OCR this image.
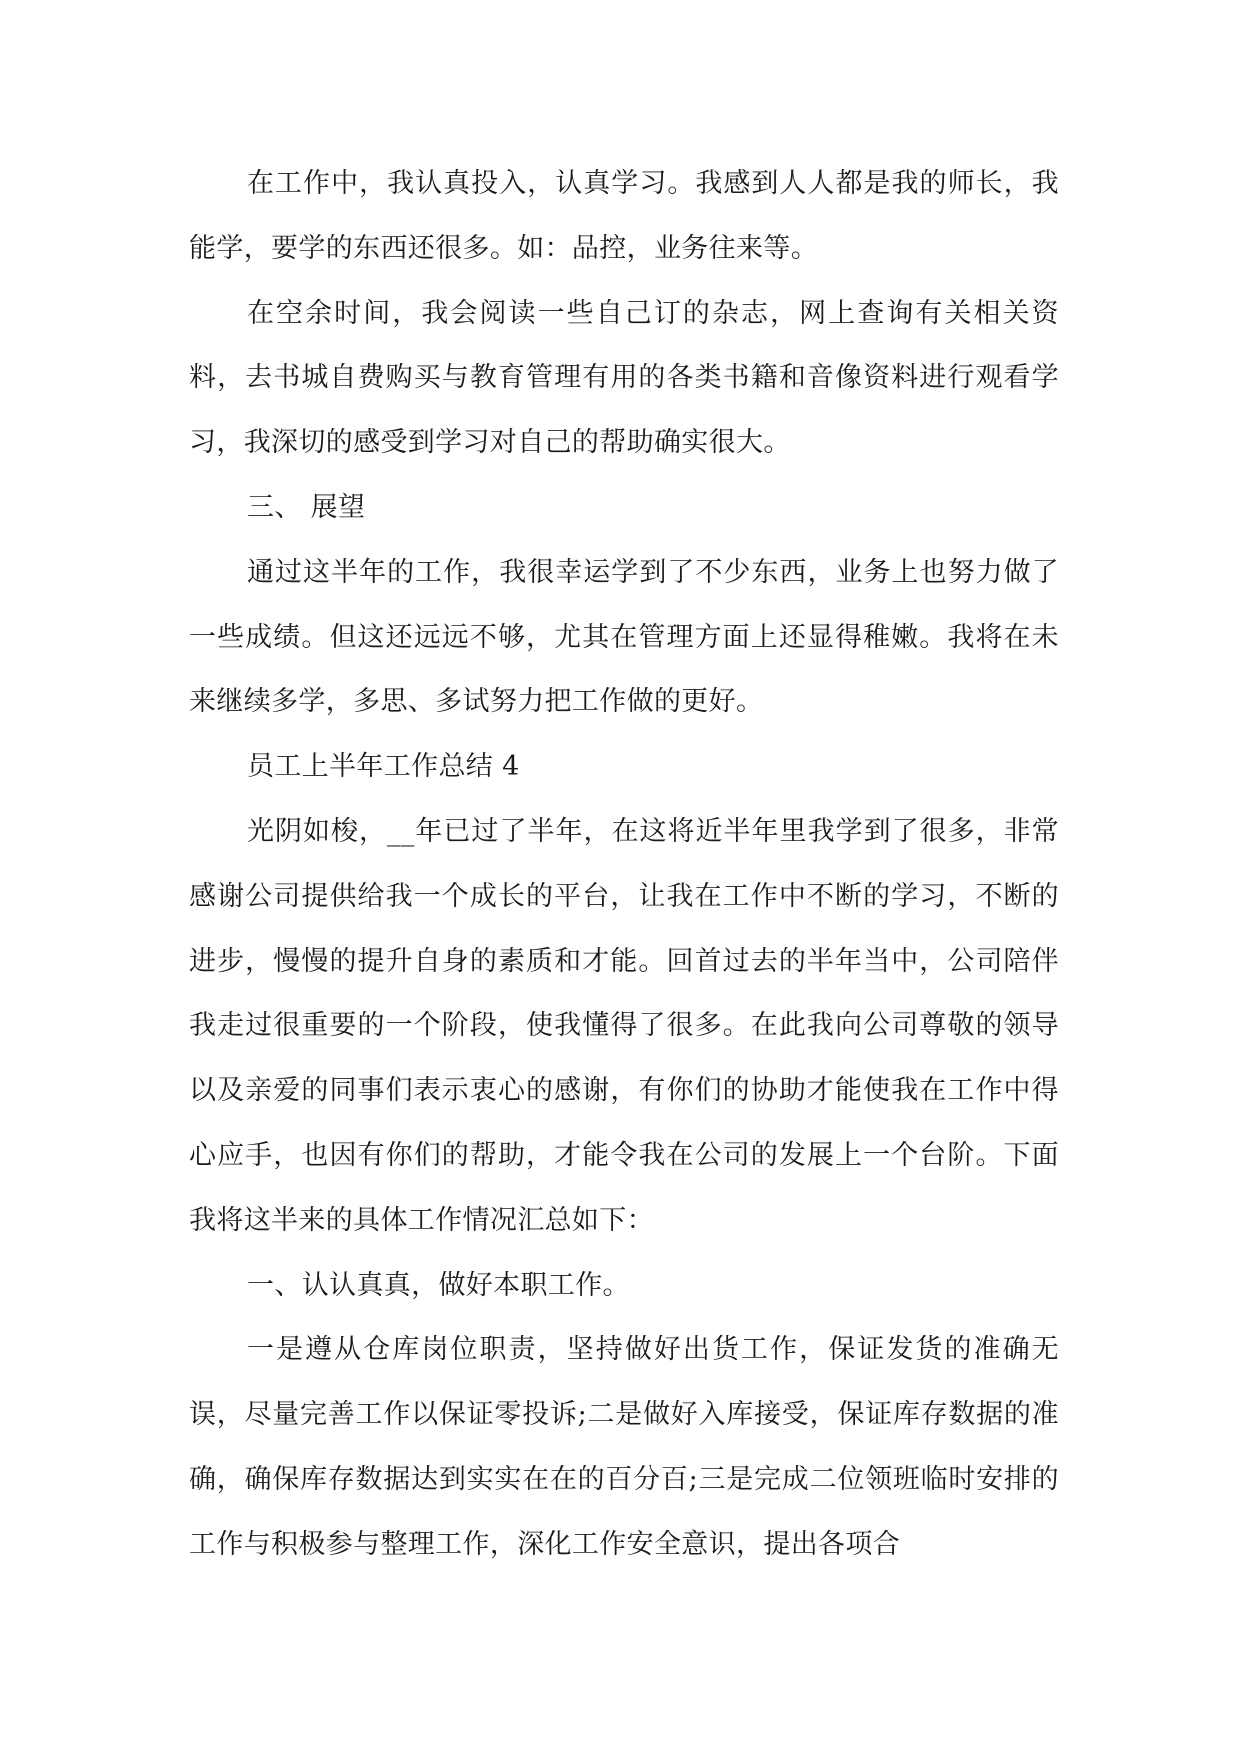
在工作中，我认真投入，认真学习。我感到人人都是我的师长，我能学，要学的东西还很多。如：品控，业务往来等。

在空余时间，我会阅读一些自己订的杂志，网上查询有关相关资料，去书城自费购买与教育管理有用的各类书籍和音像资料进行观看学习，我深切的感受到学习对自己的帮助确实很大。

三、 展望

通过这半年的工作，我很幸运学到了不少东西，业务上也努力做了一些成绩。但这还远远不够，尤其在管理方面上还显得稚嫩。我将在未来继续多学，多思、多试努力把工作做的更好。

员工上半年工作总结 4

光阴如梭，__年已过了半年，在这将近半年里我学到了很多，非常感谢公司提供给我一个成长的平台，让我在工作中不断的学习，不断的进步，慢慢的提升自身的素质和才能。回首过去的半年当中，公司陪伴我走过很重要的一个阶段，使我懂得了很多。在此我向公司尊敬的领导以及亲爱的同事们表示衷心的感谢，有你们的协助才能使我在工作中得心应手，也因有你们的帮助，才能令我在公司的发展上一个台阶。下面我将这半来的具体工作情况汇总如下：

一、认认真真，做好本职工作。

一是遵从仓库岗位职责，坚持做好出货工作，保证发货的准确无误，尽量完善工作以保证零投诉;二是做好入库接受，保证库存数据的准确，确保库存数据达到实实在在的百分百;三是完成二位领班临时安排的工作与积极参与整理工作，深化工作安全意识，提出各项合
